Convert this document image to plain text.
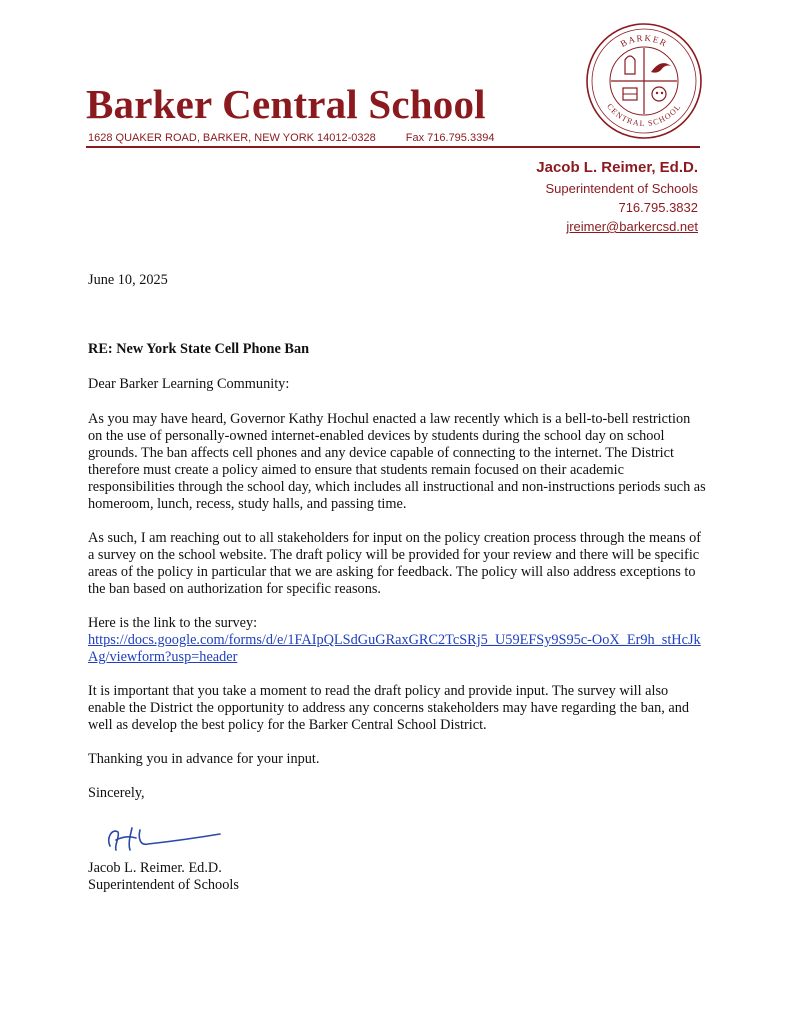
Barker Central School
1628 QUAKER ROAD, BARKER, NEW YORK 14012-0328	Fax 716.795.3394
BARKER
CENTRAL SCHOOL
Jacob L. Reimer, Ed.D.
Superintendent of Schools
716.795.3832
jreimer@barkercsd.net

June 10, 2025

RE: New York State Cell Phone Ban

Dear Barker Learning Community:

As you may have heard, Governor Kathy Hochul enacted a law recently which is a bell-to-bell restriction on the use of personally-owned internet-enabled devices by students during the school day on school grounds. The ban affects cell phones and any device capable of connecting to the internet. The District therefore must create a policy aimed to ensure that students remain focused on their academic responsibilities through the school day, which includes all instructional and non-instructions periods such as homeroom, lunch, recess, study halls, and passing time.

As such, I am reaching out to all stakeholders for input on the policy creation process through the means of a survey on the school website. The draft policy will be provided for your review and there will be specific areas of the policy in particular that we are asking for feedback. The policy will also address exceptions to the ban based on authorization for specific reasons.

Here is the link to the survey:

https://docs.google.com/forms/d/e/1FAIpQLSdGuGRaxGRC2TcSRj5_U59EFSy9S95c-OoX_Er9h_stHcJkAg/viewform?usp=header

It is important that you take a moment to read the draft policy and provide input. The survey will also enable the District the opportunity to address any concerns stakeholders may have regarding the ban, and well as develop the best policy for the Barker Central School District.

Thanking you in advance for your input.

Sincerely,

Jacob L. Reimer. Ed.D.

Superintendent of Schools
